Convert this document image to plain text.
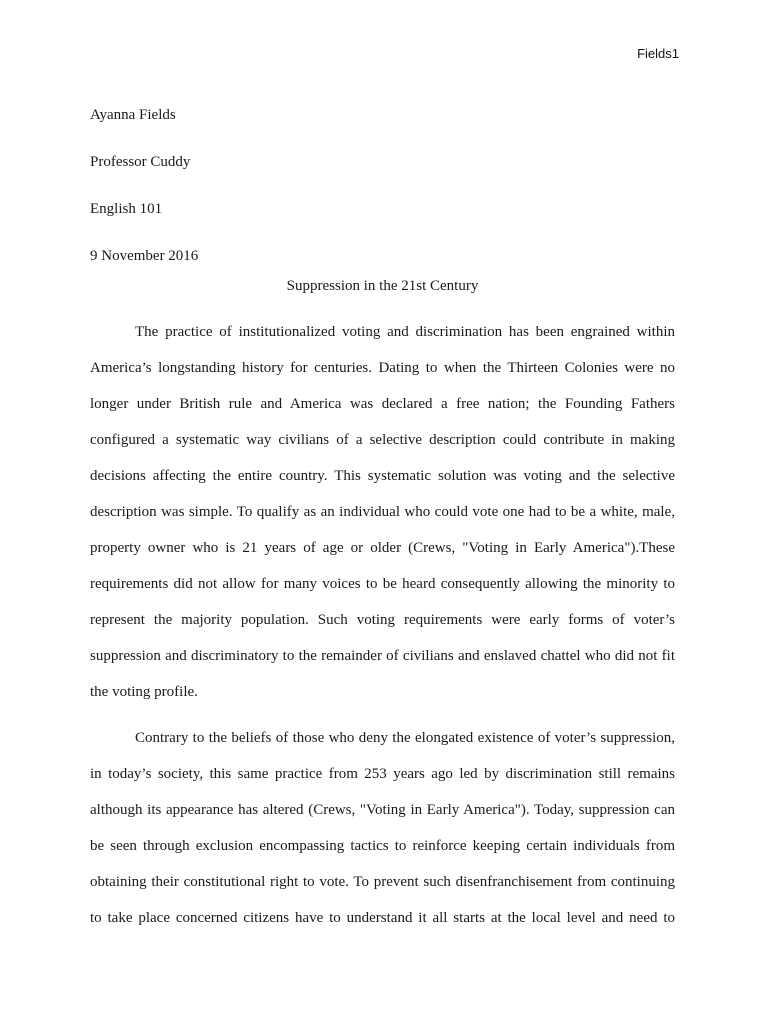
Fields1
Ayanna Fields
Professor Cuddy
English 101
9 November 2016
Suppression in the 21st Century
The practice of institutionalized voting and discrimination has been engrained within
America’s longstanding history for centuries. Dating to when the Thirteen Colonies were no
longer under British rule and America was declared a free nation; the Founding Fathers
configured a systematic way civilians of a selective description could contribute in making
decisions affecting the entire country. This systematic solution was voting and the selective
description was simple. To qualify as an individual who could vote one had to be a white, male,
property owner who is 21 years of age or older (Crews, "Voting in Early America").These
requirements did not allow for many voices to be heard consequently allowing the minority to
represent the majority population. Such voting requirements were early forms of voter’s
suppression and discriminatory to the remainder of civilians and enslaved chattel who did not fit
the voting profile.
Contrary to the beliefs of those who deny the elongated existence of voter’s suppression,
in today’s society, this same practice from 253 years ago led by discrimination still remains
although its appearance has altered (Crews, "Voting in Early America"). Today, suppression can
be seen through exclusion encompassing tactics to reinforce keeping certain individuals from
obtaining their constitutional right to vote. To prevent such disenfranchisement from continuing
to take place concerned citizens have to understand it all starts at the local level and need to
